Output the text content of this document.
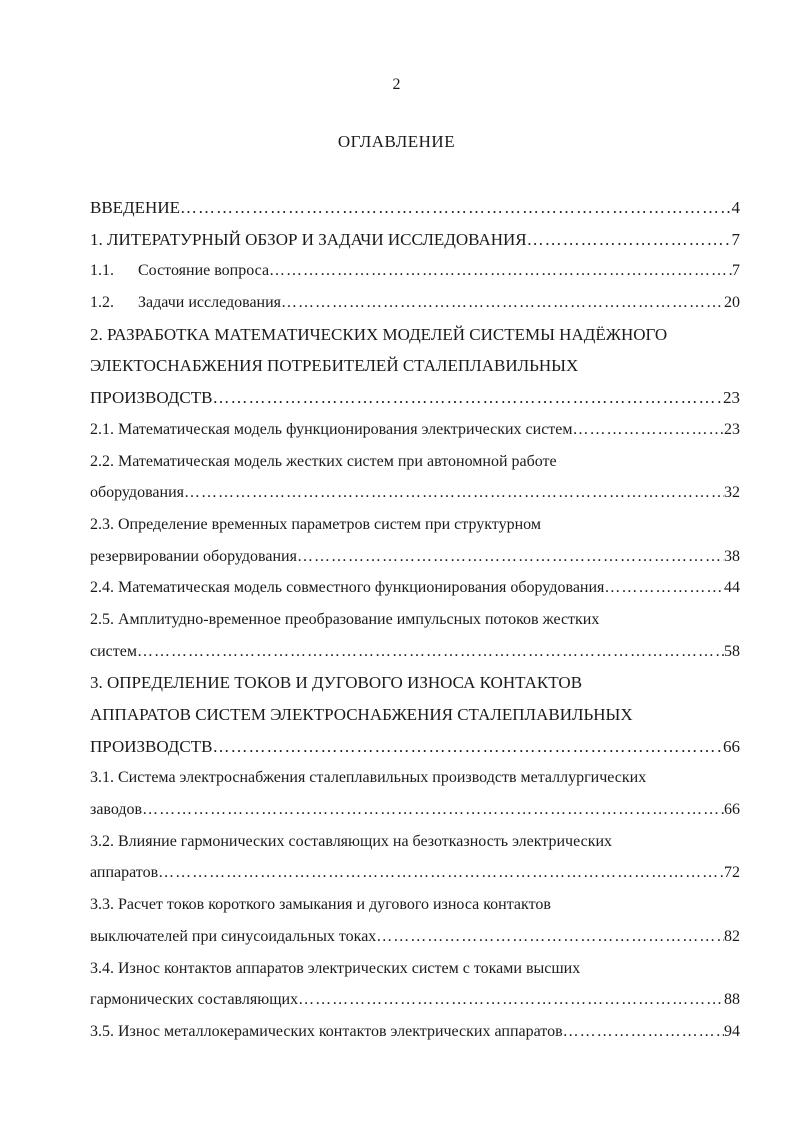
2
ОГЛАВЛЕНИЕ
ВВЕДЕНИЕ ……………………………………………………………………………………………………………………………………………………………………	4
1. ЛИТЕРАТУРНЫЙ ОБЗОР И ЗАДАЧИ ИССЛЕДОВАНИЯ ……………………………………………………………………………………………………………………………………………………………………	7
1.1. Состояние вопроса ……………………………………………………………………………………………………………………………………………………………………	7
1.2. Задачи исследования ……………………………………………………………………………………………………………………………………………………………………	20
2. РАЗРАБОТКА МАТЕМАТИЧЕСКИХ МОДЕЛЕЙ СИСТЕМЫ НАДЁЖНОГО
ЭЛЕКТОСНАБЖЕНИЯ ПОТРЕБИТЕЛЕЙ СТАЛЕПЛАВИЛЬНЫХ
ПРОИЗВОДСТВ ……………………………………………………………………………………………………………………………………………………………………	23
2.1. Математическая модель функционирования электрических систем ……………………………………………………………………………………………………………………………………………………………………	23
2.2. Математическая модель жестких систем при автономной работе
оборудования ……………………………………………………………………………………………………………………………………………………………………	32
2.3. Определение временных параметров систем при структурном
резервировании оборудования ……………………………………………………………………………………………………………………………………………………………………	38
2.4. Математическая модель совместного функционирования оборудования ……………………………………………………………………………………………………………………………………………………………………	44
2.5. Амплитудно-временное преобразование импульсных потоков жестких
систем ……………………………………………………………………………………………………………………………………………………………………	58
3. ОПРЕДЕЛЕНИЕ ТОКОВ И ДУГОВОГО ИЗНОСА КОНТАКТОВ
АППАРАТОВ СИСТЕМ ЭЛЕКТРОСНАБЖЕНИЯ СТАЛЕПЛАВИЛЬНЫХ
ПРОИЗВОДСТВ ……………………………………………………………………………………………………………………………………………………………………	66
3.1. Система электроснабжения сталеплавильных производств металлургических
заводов ……………………………………………………………………………………………………………………………………………………………………	66
3.2. Влияние гармонических составляющих на безотказность электрических
аппаратов ……………………………………………………………………………………………………………………………………………………………………	72
3.3. Расчет токов короткого замыкания и дугового износа контактов
выключателей при синусоидальных токах ……………………………………………………………………………………………………………………………………………………………………	82
3.4. Износ контактов аппаратов электрических систем с токами высших
гармонических составляющих ……………………………………………………………………………………………………………………………………………………………………	88
3.5. Износ металлокерамических контактов электрических аппаратов ……………………………………………………………………………………………………………………………………………………………………	94
